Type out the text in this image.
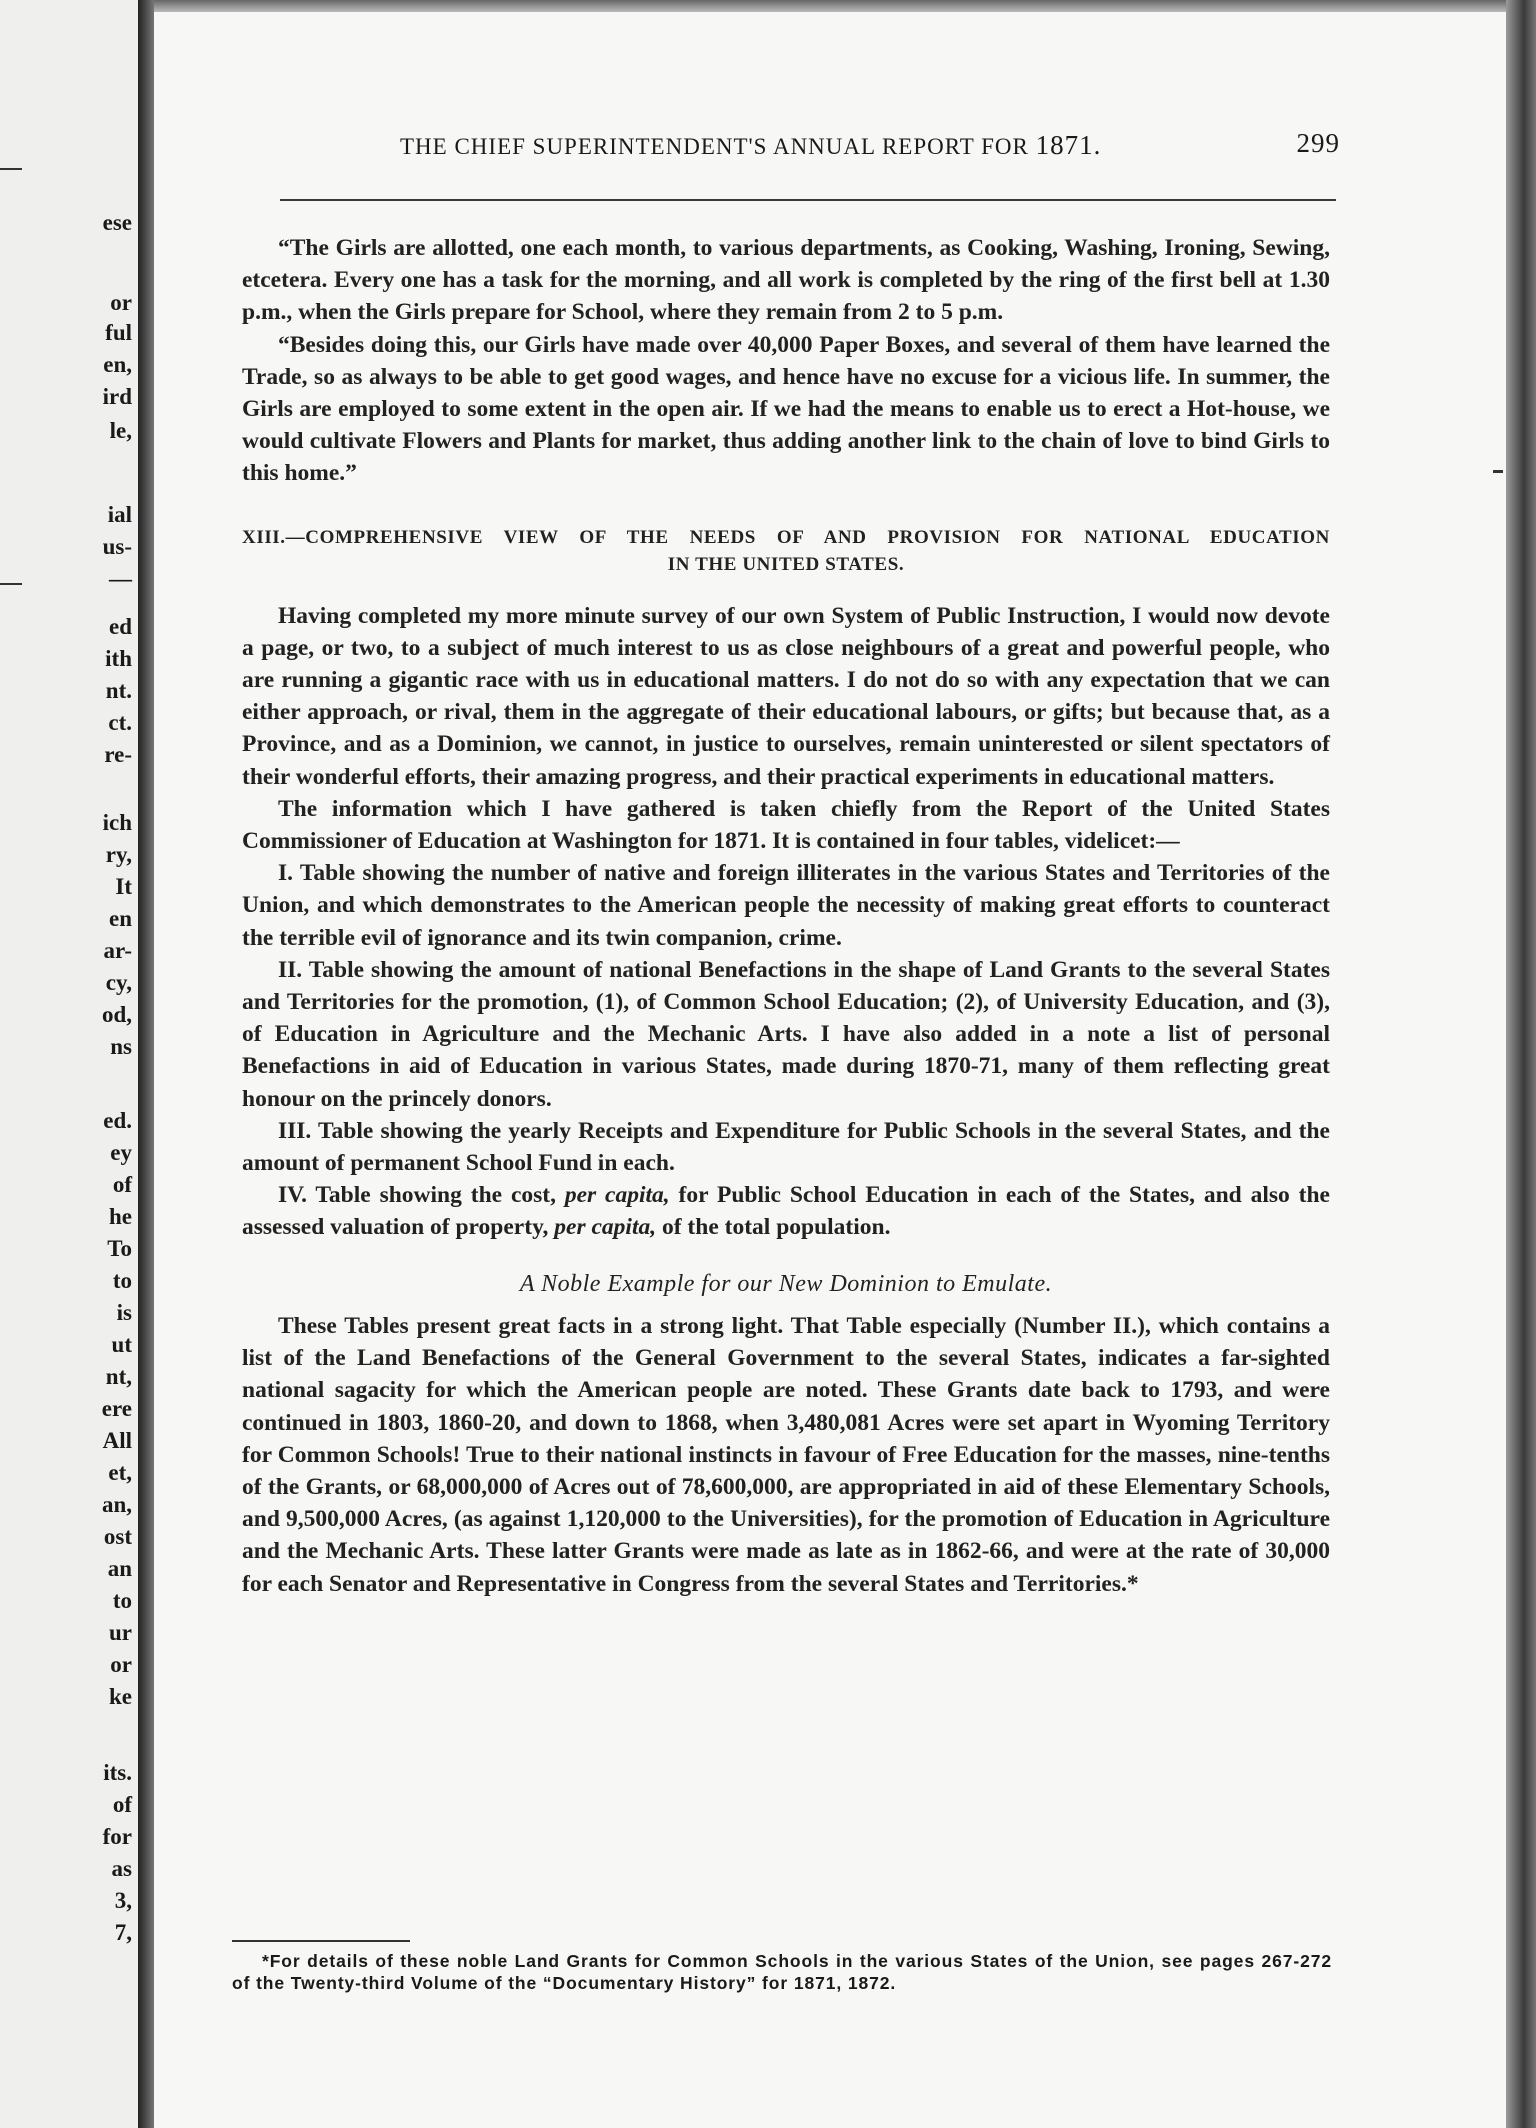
ese
or
ful
en,
ird
le,
ial
us-
—
ed
ith
nt.
ct.
re-
ich
ry,
It
en
ar-
cy,
od,
ns
ed.
ey
of
he
To
to
is
ut
nt,
ere
All
et,
an,
ost
an
to
ur
or
ke
its.
of
for
as
3,
7,
THE CHIEF SUPERINTENDENT'S ANNUAL REPORT FOR 1871.	299

“The Girls are allotted, one each month, to various departments, as Cooking, Washing, Ironing, Sewing, etcetera. Every one has a task for the morning, and all work is completed by the ring of the first bell at 1.30 p.m., when the Girls prepare for School, where they remain from 2 to 5 p.m.

“Besides doing this, our Girls have made over 40,000 Paper Boxes, and several of them have learned the Trade, so as always to be able to get good wages, and hence have no excuse for a vicious life. In summer, the Girls are employed to some extent in the open air. If we had the means to enable us to erect a Hot-house, we would cultivate Flowers and Plants for market, thus adding another link to the chain of love to bind Girls to this home.”

XIII.—COMPREHENSIVE VIEW OF THE NEEDS OF AND PROVISION FOR NATIONAL EDUCATION
IN THE UNITED STATES.

Having completed my more minute survey of our own System of Public Instruction, I would now devote a page, or two, to a subject of much interest to us as close neighbours of a great and powerful people, who are running a gigantic race with us in educational matters. I do not do so with any expectation that we can either approach, or rival, them in the aggregate of their educational labours, or gifts; but because that, as a Province, and as a Dominion, we cannot, in justice to ourselves, remain uninterested or silent spectators of their wonderful efforts, their amazing progress, and their practical experiments in educational matters.

The information which I have gathered is taken chiefly from the Report of the United States Commissioner of Education at Washington for 1871. It is contained in four tables, videlicet:—

I. Table showing the number of native and foreign illiterates in the various States and Territories of the Union, and which demonstrates to the American people the necessity of making great efforts to counteract the terrible evil of ignorance and its twin companion, crime.

II. Table showing the amount of national Benefactions in the shape of Land Grants to the several States and Territories for the promotion, (1), of Common School Education; (2), of University Education, and (3), of Education in Agriculture and the Mechanic Arts. I have also added in a note a list of personal Benefactions in aid of Education in various States, made during 1870-71, many of them reflecting great honour on the princely donors.

III. Table showing the yearly Receipts and Expenditure for Public Schools in the several States, and the amount of permanent School Fund in each.

IV. Table showing the cost, per capita, for Public School Education in each of the States, and also the assessed valuation of property, per capita, of the total population.

A Noble Example for our New Dominion to Emulate.

These Tables present great facts in a strong light. That Table especially (Number II.), which contains a list of the Land Benefactions of the General Government to the several States, indicates a far-sighted national sagacity for which the American people are noted. These Grants date back to 1793, and were continued in 1803, 1860-20, and down to 1868, when 3,480,081 Acres were set apart in Wyoming Territory for Common Schools! True to their national instincts in favour of Free Education for the masses, nine-tenths of the Grants, or 68,000,000 of Acres out of 78,600,000, are appropriated in aid of these Elementary Schools, and 9,500,000 Acres, (as against 1,120,000 to the Universities), for the promotion of Education in Agriculture and the Mechanic Arts. These latter Grants were made as late as in 1862-66, and were at the rate of 30,000 for each Senator and Representative in Congress from the several States and Territories.*

*For details of these noble Land Grants for Common Schools in the various States of the Union, see pages 267-272 of the Twenty-third Volume of the “Documentary History” for 1871, 1872.
